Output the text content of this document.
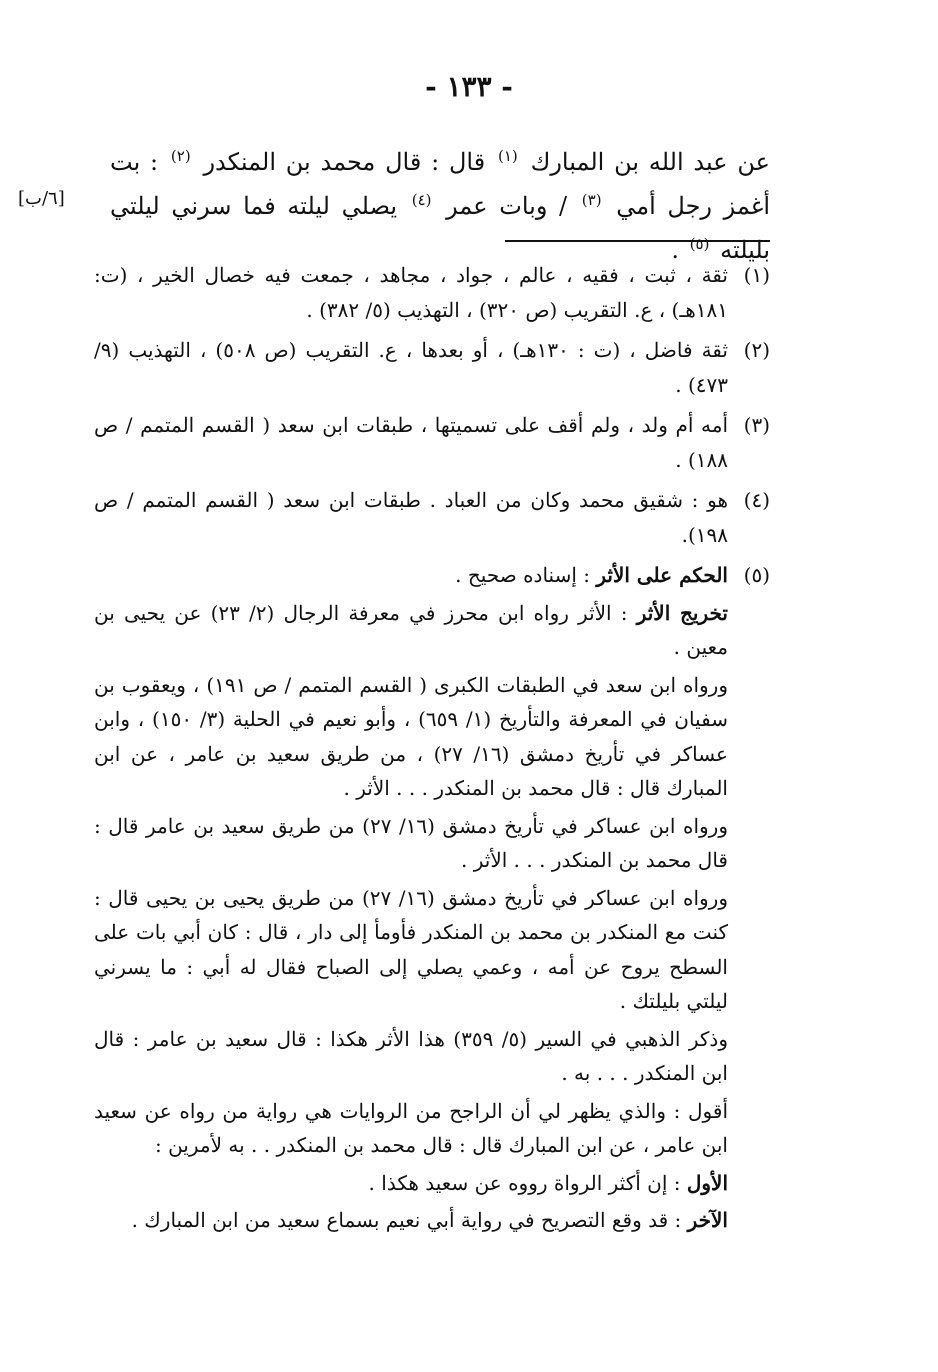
- ١٣٣ -

عن عبد الله بن المبارك $^{(١)}$ قال : قال محمد بن المنكدر $^{(٢)}$ : بت أغمز رجل أمي $^{(٣)}$ / وبات عمر $^{(٤)}$ يصلي ليلته فما سرني ليلتي بليلته $^{(٥)}$ .

[٦/ب]
(١)

ثقة ، ثبت ، فقيه ، عالم ، جواد ، مجاهد ، جمعت فيه خصال الخير ، (ت: ١٨١هـ) ، ع. التقريب (ص ٣٢٠) ، التهذيب (٥/ ٣٨٢) .

(٢)

ثقة فاضل ، (ت : ١٣٠هـ) ، أو بعدها ، ع. التقريب (ص ٥٠٨) ، التهذيب (٩/ ٤٧٣) .

(٣)

أمه أم ولد ، ولم أقف على تسميتها ، طبقات ابن سعد ( القسم المتمم / ص ١٨٨) .

(٤)

هو : شقيق محمد وكان من العباد . طبقات ابن سعد ( القسم المتمم / ص ١٩٨).

(٥)

الحكم على الأثر : إسناده صحيح .

تخريج الأثر : الأثر رواه ابن محرز في معرفة الرجال (٢/ ٢٣) عن يحيى بن معين .

ورواه ابن سعد في الطبقات الكبرى ( القسم المتمم / ص ١٩١) ، ويعقوب بن سفيان في المعرفة والتأريخ (١/ ٦٥٩) ، وأبو نعيم في الحلية (٣/ ١٥٠) ، وابن عساكر في تأريخ دمشق (١٦/ ٢٧) ، من طريق سعيد بن عامر ، عن ابن المبارك قال : قال محمد بن المنكدر . . . الأثر .

ورواه ابن عساكر في تأريخ دمشق (١٦/ ٢٧) من طريق سعيد بن عامر قال : قال محمد بن المنكدر . . . الأثر .

ورواه ابن عساكر في تأريخ دمشق (١٦/ ٢٧) من طريق يحيى بن يحيى قال : كنت مع المنكدر بن محمد بن المنكدر فأومأ إلى دار ، قال : كان أبي بات على السطح يروح عن أمه ، وعمي يصلي إلى الصباح فقال له أبي : ما يسرني ليلتي بليلتك .

وذكر الذهبي في السير (٥/ ٣٥٩) هذا الأثر هكذا : قال سعيد بن عامر : قال ابن المنكدر . . . به .

أقول : والذي يظهر لي أن الراجح من الروايات هي رواية من رواه عن سعيد ابن عامر ، عن ابن المبارك قال : قال محمد بن المنكدر . . به لأمرين :

الأول : إن أكثر الرواة رووه عن سعيد هكذا .

الآخر : قد وقع التصريح في رواية أبي نعيم بسماع سعيد من ابن المبارك .
